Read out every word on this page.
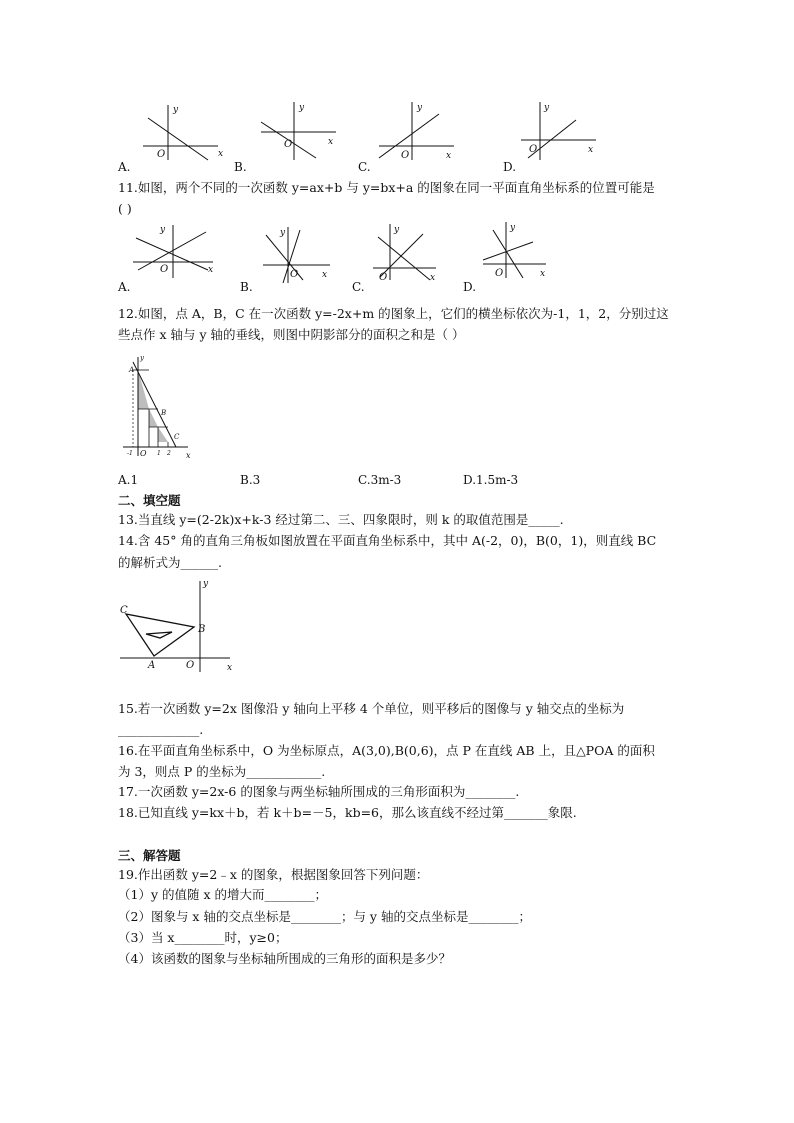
y
x
O
y
x
O
y
x
O
y
x
O
A.	B.	C.	D.
11.如图，两个不同的一次函数 y=ax+b 与 y=bx+a 的图象在同一平面直角坐标系的位置可能是
( )
y
x
O
y
x
O
y
x
O
y
x
O
A.	B.	C.	D.
12.如图，点 A，B，C 在一次函数 y=-2x+m 的图象上，它们的横坐标依次为-1，1，2，分别过这
些点作 x 轴与 y 轴的垂线，则图中阴影部分的面积之和是（ ）
A
B
C
O	x
y
-1	1 2
A.1	B.3	C.3m-3	D.1.5m-3
二、填空题
13.当直线 y=(2-2k)x+k-3 经过第二、三、四象限时，则 k 的取值范围是_____.
14.含 45° 角的直角三角板如图放置在平面直角坐标系中，其中 A(-2，0)，B(0，1)，则直线 BC
的解析式为______.
C
B
A	O	x
y
15.若一次函数 y=2x 图像沿 y 轴向上平移 4 个单位，则平移后的图像与 y 轴交点的坐标为
_____________.
16.在平面直角坐标系中，O 为坐标原点，A(3,0),B(0,6)，点 P 在直线 AB 上，且△POA 的面积
为 3，则点 P 的坐标为____________.
17.一次函数 y=2x-6 的图象与两坐标轴所围成的三角形面积为________.
18.已知直线 y=kx＋b，若 k＋b=－5，kb=6，那么该直线不经过第_______象限.
三、解答题
19.作出函数 y=2﹣x 的图象，根据图象回答下列问题：
（1）y 的值随 x 的增大而________；
（2）图象与 x 轴的交点坐标是________；与 y 轴的交点坐标是________；
（3）当 x________时，y≥0；
（4）该函数的图象与坐标轴所围成的三角形的面积是多少？
